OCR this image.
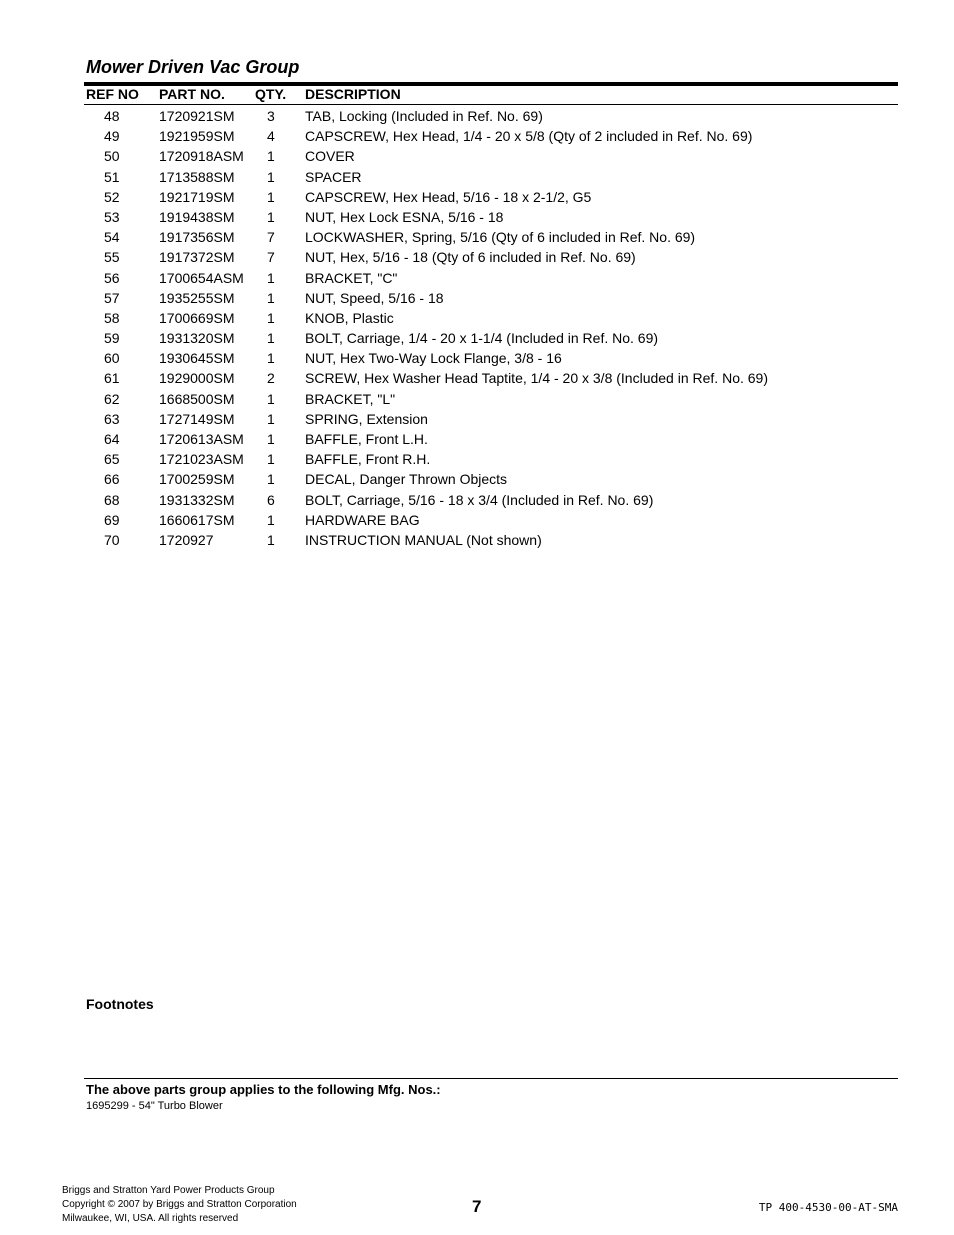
Mower Driven Vac Group
REF NO PART NO. QTY. DESCRIPTION
48	1720921SM 3 TAB, Locking (Included in Ref. No. 69)
49	1921959SM 4 CAPSCREW, Hex Head, 1/4 - 20 x 5/8 (Qty of 2 included in Ref. No. 69)
50	1720918ASM 1 COVER
51	1713588SM 1 SPACER
52	1921719SM 1 CAPSCREW, Hex Head, 5/16 - 18 x 2-1/2, G5
53	1919438SM 1 NUT, Hex Lock ESNA, 5/16 - 18
54	1917356SM 7 LOCKWASHER, Spring, 5/16 (Qty of 6 included in Ref. No. 69)
55	1917372SM 7 NUT, Hex, 5/16 - 18 (Qty of 6 included in Ref. No. 69)
56	1700654ASM 1 BRACKET, "C"
57	1935255SM 1 NUT, Speed, 5/16 - 18
58	1700669SM 1 KNOB, Plastic
59	1931320SM 1 BOLT, Carriage, 1/4 - 20 x 1-1/4 (Included in Ref. No. 69)
60	1930645SM 1 NUT, Hex Two-Way Lock Flange, 3/8 - 16
61	1929000SM 2 SCREW, Hex Washer Head Taptite, 1/4 - 20 x 3/8 (Included in Ref. No. 69)
62	1668500SM 1 BRACKET, "L"
63	1727149SM 1 SPRING, Extension
64	1720613ASM 1 BAFFLE, Front L.H.
65	1721023ASM 1 BAFFLE, Front R.H.
66	1700259SM 1 DECAL, Danger Thrown Objects
68	1931332SM 6 BOLT, Carriage, 5/16 - 18 x 3/4 (Included in Ref. No. 69)
69	1660617SM 1 HARDWARE BAG
70	1720927	1 INSTRUCTION MANUAL (Not shown)
Footnotes
The above parts group applies to the following Mfg. Nos.:
1695299 - 54" Turbo Blower
Briggs and Stratton Yard Power Products Group
Copyright © 2007 by Briggs and Stratton Corporation
Milwaukee, WI, USA. All rights reserved
7	TP 400-4530-00-AT-SMA
